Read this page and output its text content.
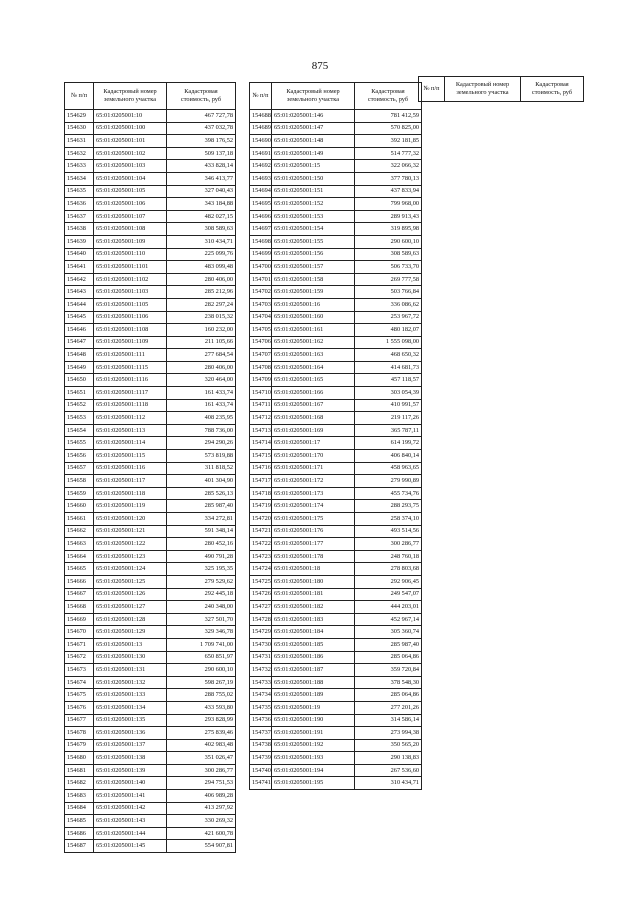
875
№ п/п	Кадастровый номер земельного участка	Кадастровая стоимость, руб
154629	65:01:0205001:10	467 727,78
154630	65:01:0205001:100	437 032,78
154631	65:01:0205001:101	398 176,52
154632	65:01:0205001:102	509 137,18
154633	65:01:0205001:103	433 828,14
154634	65:01:0205001:104	346 413,77
154635	65:01:0205001:105	327 040,43
154636	65:01:0205001:106	343 184,88
154637	65:01:0205001:107	482 027,15
154638	65:01:0205001:108	308 589,63
154639	65:01:0205001:109	310 434,71
154640	65:01:0205001:110	225 099,76
154641	65:01:0205001:1101	483 099,48
154642	65:01:0205001:1102	280 406,00
154643	65:01:0205001:1103	285 212,96
154644	65:01:0205001:1105	282 297,24
154645	65:01:0205001:1106	238 015,32
154646	65:01:0205001:1108	160 232,00
154647	65:01:0205001:1109	211 105,66
154648	65:01:0205001:111	277 684,54
154649	65:01:0205001:1115	280 406,00
154650	65:01:0205001:1116	320 464,00
154651	65:01:0205001:1117	161 433,74
154652	65:01:0205001:1118	161 433,74
154653	65:01:0205001:112	408 235,95
154654	65:01:0205001:113	788 736,00
154655	65:01:0205001:114	294 290,26
154656	65:01:0205001:115	573 819,88
154657	65:01:0205001:116	311 818,52
154658	65:01:0205001:117	401 304,90
154659	65:01:0205001:118	285 526,13
154660	65:01:0205001:119	285 987,40
154661	65:01:0205001:120	334 272,81
154662	65:01:0205001:121	591 348,14
154663	65:01:0205001:122	280 452,16
154664	65:01:0205001:123	490 791,28
154665	65:01:0205001:124	325 195,35
154666	65:01:0205001:125	279 529,62
154667	65:01:0205001:126	292 445,18
154668	65:01:0205001:127	240 348,00
154669	65:01:0205001:128	327 501,70
154670	65:01:0205001:129	329 346,78
154671	65:01:0205001:13	1 709 741,00
154672	65:01:0205001:130	650 851,97
154673	65:01:0205001:131	290 600,10
154674	65:01:0205001:132	598 267,19
154675	65:01:0205001:133	288 755,02
154676	65:01:0205001:134	433 593,80
154677	65:01:0205001:135	293 828,99
154678	65:01:0205001:136	275 839,46
154679	65:01:0205001:137	402 983,48
154680	65:01:0205001:138	351 026,47
154681	65:01:0205001:139	300 286,77
154682	65:01:0205001:140	294 751,53
154683	65:01:0205001:141	406 989,28
154684	65:01:0205001:142	413 297,92
154685	65:01:0205001:143	330 269,32
154686	65:01:0205001:144	421 600,78
154687	65:01:0205001:145	554 907,81
№ п/п	Кадастровый номер земельного участка	Кадастровая стоимость, руб
154688	65:01:0205001:146	781 412,59
154689	65:01:0205001:147	570 825,00
154690	65:01:0205001:148	392 181,85
154691	65:01:0205001:149	514 777,32
154692	65:01:0205001:15	322 066,32
154693	65:01:0205001:150	377 780,13
154694	65:01:0205001:151	437 833,94
154695	65:01:0205001:152	799 968,00
154696	65:01:0205001:153	289 913,43
154697	65:01:0205001:154	319 895,98
154698	65:01:0205001:155	290 600,10
154699	65:01:0205001:156	308 589,63
154700	65:01:0205001:157	506 733,70
154701	65:01:0205001:158	269 777,58
154702	65:01:0205001:159	503 766,84
154703	65:01:0205001:16	336 086,62
154704	65:01:0205001:160	253 967,72
154705	65:01:0205001:161	480 182,07
154706	65:01:0205001:162	1 555 098,00
154707	65:01:0205001:163	468 650,32
154708	65:01:0205001:164	414 681,73
154709	65:01:0205001:165	457 118,57
154710	65:01:0205001:166	303 054,39
154711	65:01:0205001:167	410 991,57
154712	65:01:0205001:168	219 117,26
154713	65:01:0205001:169	365 787,11
154714	65:01:0205001:17	614 199,72
154715	65:01:0205001:170	406 840,14
154716	65:01:0205001:171	458 963,65
154717	65:01:0205001:172	279 990,89
154718	65:01:0205001:173	455 734,76
154719	65:01:0205001:174	288 293,75
154720	65:01:0205001:175	258 374,10
154721	65:01:0205001:176	493 514,56
154722	65:01:0205001:177	300 286,77
154723	65:01:0205001:178	248 760,18
154724	65:01:0205001:18	278 803,68
154725	65:01:0205001:180	292 906,45
154726	65:01:0205001:181	249 547,07
154727	65:01:0205001:182	444 203,01
154728	65:01:0205001:183	452 967,14
154729	65:01:0205001:184	305 360,74
154730	65:01:0205001:185	285 987,40
154731	65:01:0205001:186	285 064,86
154732	65:01:0205001:187	359 720,84
154733	65:01:0205001:188	378 548,30
154734	65:01:0205001:189	285 064,86
154735	65:01:0205001:19	277 201,26
154736	65:01:0205001:190	314 586,14
154737	65:01:0205001:191	273 994,38
154738	65:01:0205001:192	350 565,20
154739	65:01:0205001:193	290 138,83
154740	65:01:0205001:194	267 536,60
154741	65:01:0205001:195	310 434,71
№ п/п	Кадастровый номер земельного участка	Кадастровая стоимость, руб
